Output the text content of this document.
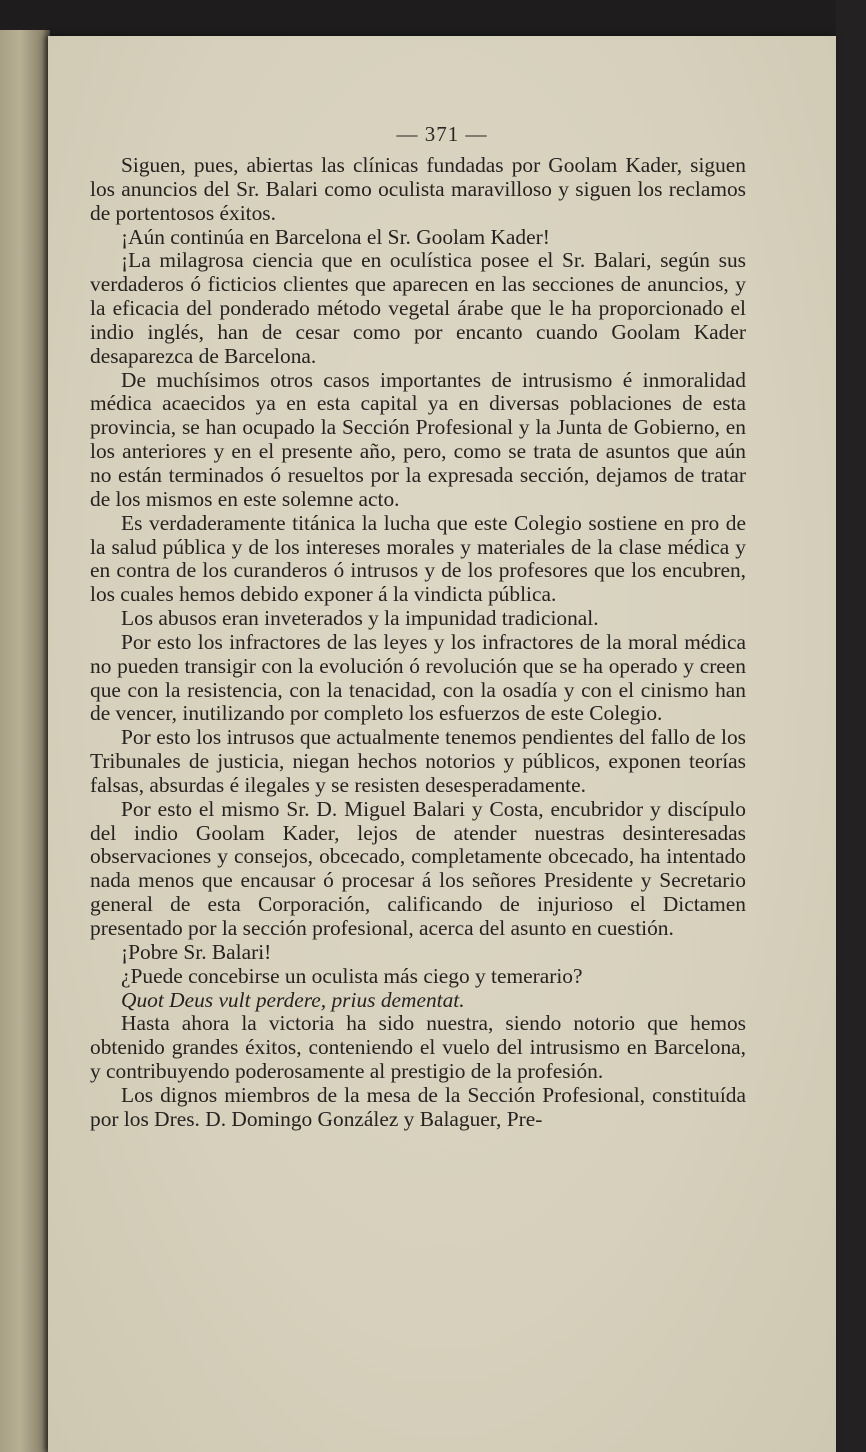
— 371 —

Siguen, pues, abiertas las clínicas fundadas por Goolam Kader, siguen los anuncios del Sr. Balari como oculista maravilloso y siguen los reclamos de portentosos éxitos.

¡Aún continúa en Barcelona el Sr. Goolam Kader!

¡La milagrosa ciencia que en oculística posee el Sr. Balari, según sus verdaderos ó ficticios clientes que aparecen en las secciones de anuncios, y la eficacia del ponderado método vegetal árabe que le ha proporcionado el indio inglés, han de cesar como por encanto cuando Goolam Kader desaparezca de Barcelona.

De muchísimos otros casos importantes de intrusismo é inmoralidad médica acaecidos ya en esta capital ya en diversas poblaciones de esta provincia, se han ocupado la Sección Profesional y la Junta de Gobierno, en los anteriores y en el presente año, pero, como se trata de asuntos que aún no están terminados ó resueltos por la expresada sección, dejamos de tratar de los mismos en este solemne acto.

Es verdaderamente titánica la lucha que este Colegio sostiene en pro de la salud pública y de los intereses morales y materiales de la clase médica y en contra de los curanderos ó intrusos y de los profesores que los encubren, los cuales hemos debido exponer á la vindicta pública.

Los abusos eran inveterados y la impunidad tradicional.

Por esto los infractores de las leyes y los infractores de la moral médica no pueden transigir con la evolución ó revolución que se ha operado y creen que con la resistencia, con la tenacidad, con la osadía y con el cinismo han de vencer, inutilizando por completo los esfuerzos de este Colegio.

Por esto los intrusos que actualmente tenemos pendientes del fallo de los Tribunales de justicia, niegan hechos notorios y públicos, exponen teorías falsas, absurdas é ilegales y se resisten desesperadamente.

Por esto el mismo Sr. D. Miguel Balari y Costa, encubridor y discípulo del indio Goolam Kader, lejos de atender nuestras desinteresadas observaciones y consejos, obcecado, completamente obcecado, ha intentado nada menos que encausar ó procesar á los señores Presidente y Secretario general de esta Corporación, calificando de injurioso el Dictamen presentado por la sección profesional, acerca del asunto en cuestión.

¡Pobre Sr. Balari!

¿Puede concebirse un oculista más ciego y temerario?

Quot Deus vult perdere, prius dementat.

Hasta ahora la victoria ha sido nuestra, siendo notorio que hemos obtenido grandes éxitos, conteniendo el vuelo del intrusismo en Barcelona, y contribuyendo poderosamente al prestigio de la profesión.

Los dignos miembros de la mesa de la Sección Profesional, constituída por los Dres. D. Domingo González y Balaguer, Pre-
